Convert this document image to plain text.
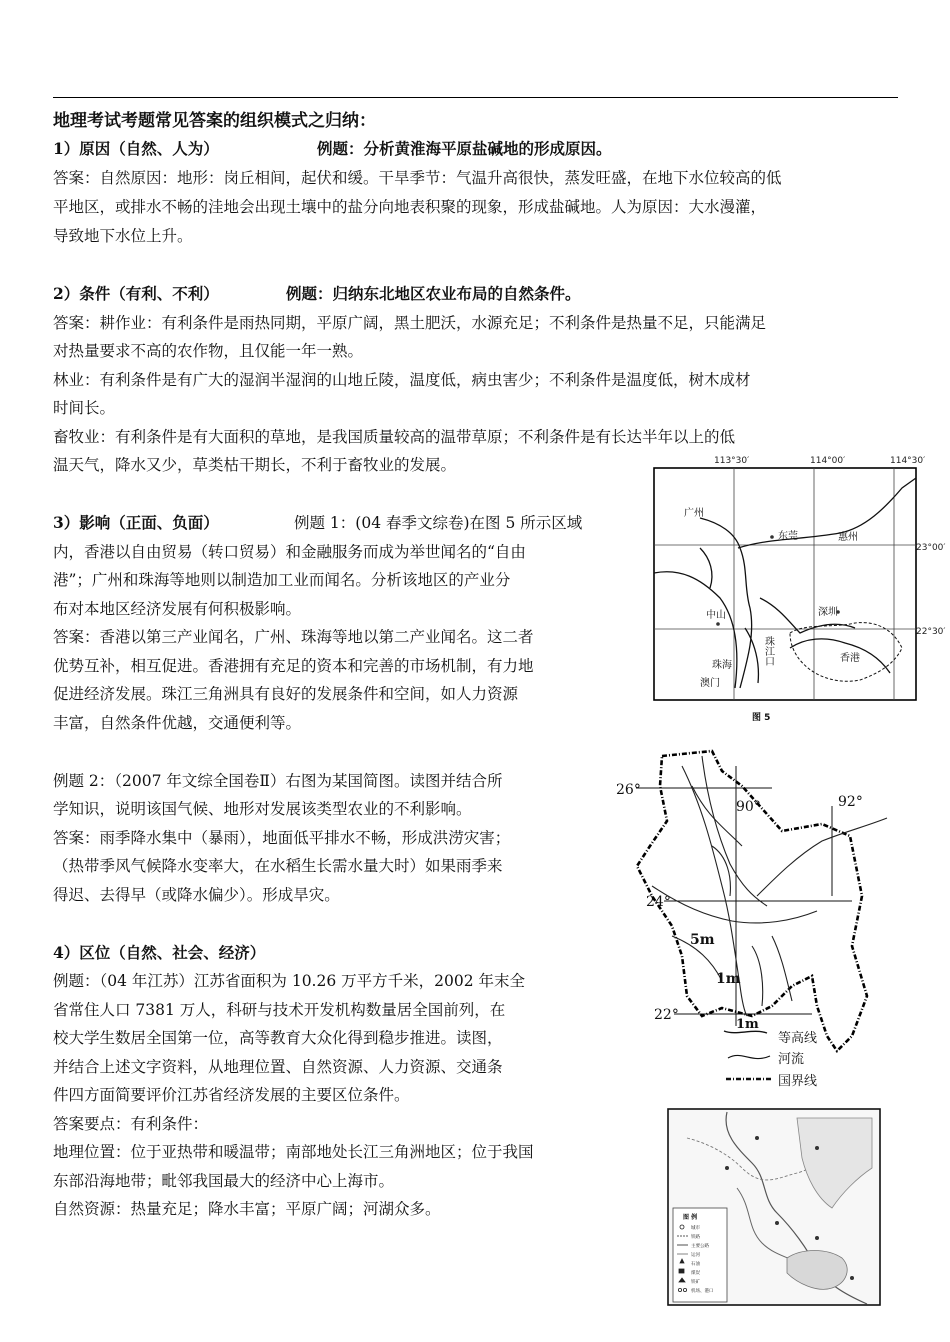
地理考试考题常见答案的组织模式之归纳：
1）原因（自然、人为）	例题：分析黄淮海平原盐碱地的形成原因。
答案：自然原因：地形：岗丘相间，起伏和缓。干旱季节：气温升高很快，蒸发旺盛，在地下水位较高的低
平地区，或排水不畅的洼地会出现土壤中的盐分向地表积聚的现象，形成盐碱地。人为原因：大水漫灌，
导致地下水位上升。
2）条件（有利、不利）	例题：归纳东北地区农业布局的自然条件。
答案：耕作业：有利条件是雨热同期，平原广阔，黑土肥沃，水源充足；不利条件是热量不足，只能满足
对热量要求不高的农作物，且仅能一年一熟。
林业：有利条件是有广大的湿润半湿润的山地丘陵，温度低，病虫害少；不利条件是温度低，树木成材
时间长。
畜牧业：有利条件是有大面积的草地，是我国质量较高的温带草原；不利条件是有长达半年以上的低
温天气，降水又少，草类枯干期长，不利于畜牧业的发展。
3）影响（正面、负面）	例题 1：(04 春季文综卷)在图 5 所示区域
内，香港以自由贸易（转口贸易）和金融服务而成为举世闻名的“自由
港”；广州和珠海等地则以制造加工业而闻名。分析该地区的产业分
布对本地区经济发展有何积极影响。
答案：香港以第三产业闻名，广州、珠海等地以第二产业闻名。这二者
优势互补，相互促进。香港拥有充足的资本和完善的市场机制，有力地
促进经济发展。珠江三角洲具有良好的发展条件和空间，如人力资源
丰富，自然条件优越，交通便利等。
例题 2：（2007 年文综全国卷Ⅱ）右图为某国简图。读图并结合所
学知识，说明该国气候、地形对发展该类型农业的不利影响。
答案：雨季降水集中（暴雨），地面低平排水不畅，形成洪涝灾害；
（热带季风气候降水变率大，在水稻生长需水量大时）如果雨季来
得迟、去得早（或降水偏少）。形成旱灾。
4）区位（自然、社会、经济）
例题：（04 年江苏）江苏省面积为 10.26 万平方千米，2002 年末全
省常住人口 7381 万人，科研与技术开发机构数量居全国前列，在
校大学生数居全国第一位，高等教育大众化得到稳步推进。读图，
并结合上述文字资料，从地理位置、自然资源、人力资源、交通条
件四方面简要评价江苏省经济发展的主要区位条件。
答案要点：有利条件：
地理位置：位于亚热带和暖温带；南部地处长江三角洲地区；位于我国
东部沿海地带；毗邻我国最大的经济中心上海市。
自然资源：热量充足；降水丰富；平原广阔；河湖众多。
113°30′	114°00′	114°30′
23°00′
22°30′
广州
东莞	惠州
中山	深圳
珠江口
珠海
澳门
香港
图 5
26°
90°	92°
24°
22°
5m
1m
1m
等高线
河流
国界线
图 例
城市
铁路
主要公路
运河
石油
煤炭
铁矿
机场、港口
